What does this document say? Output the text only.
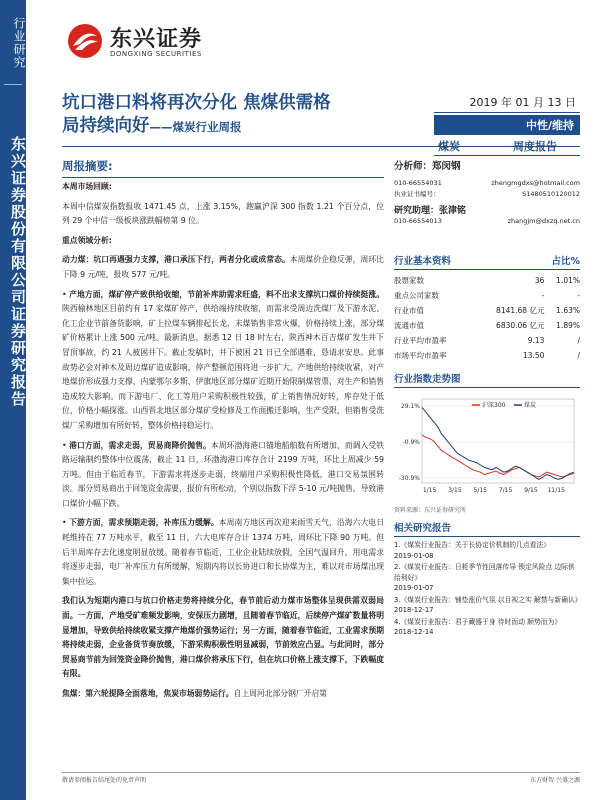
行业研究
东兴证券股份有限公司证券研究报告
东兴证券
DONGXING SECURITIES
坑口港口料将再次分化 焦煤供需格
局持续向好——煤炭行业周报
2019 年 01 月 13 日
中性/维持
煤炭	周度报告
周报摘要:

本周市场回顾:

本周中信煤炭指数报收 1471.45 点，上涨 3.15%，跑赢沪深 300 指数 1.21 个百分点，位列 29 个中信一级板块涨跌幅榜第 9 位。

重点领域分析:

动力煤：坑口再遇强力支撑，港口承压下行，两者分化或成常态。本周煤价企稳反弹，周环比下降 9 元/吨，报收 577 元/吨。

• 产地方面，煤矿停产致供给收缩，节前补库助需求旺盛，料不出求支撑坑口煤价持续挺涨。陕西榆林地区目前约有 17 家煤矿停产，供给端持续收缩，而需求受周边洗煤厂及下游水泥、化工企业节前备货影响，矿上拉煤车辆排起长龙，末煤销售非常火爆，价格持续上涨，部分煤矿价格累计上涨 500 元/吨。最新消息，据悉 12 日 18 时左右，陕西神木百吉煤矿发生井下冒顶事故，约 21 人被困井下。截止发稿时，井下被困 21 日已全部遇难，恳请求安息。此事故势必会对神木及周边煤矿造成影响，停产整顿范围将进一步扩大，产地供给持续收紧，对产地煤价形成强力支撑，内蒙鄂尔多斯、伊旗地区部分煤矿近期开始限制煤管票，对生产和销售造成较大影响。而下游电厂、化工等用户采购积极性较强，矿上销售情况好转，库存处于低位，价格小幅探涨。山西晋北地区部分煤矿受检修及工作面搬迁影响，生产受限，但销售受洗煤厂采购增加有所好转，整体价格持稳运行。

• 港口方面，需求走弱，贸易商降价抛售。本周环渤海港口锚地船舶数有所增加，而调入受铁路运输制约整体中位震荡，截止 11 日，环渤海港口库存合计 2199 万吨，环比上周减少 59 万吨。但由于临近春节，下游需求将逐步走弱，终端用户采购积极性降低，港口交易氛围转淡。部分贸易商出于回笼资金需要，报价有所松动，个别以指数下浮 5-10 元/吨抛售，导致港口煤价小幅下跌。

• 下游方面，需求预期走弱，补库压力缓解。本周南方地区再次迎来雨雪天气，沿海六大电日耗维持在 77 万吨水平，截至 11 日，六大电库存合计 1374 万吨，周环比下降 90 万吨。但后半周库存去化速度明显放缓。随着春节临近，工业企业陆续放假，全国气温回升，用电需求将逐步走弱，电厂补库压力有所缓解，短期内将以长协进口和长协煤为主，难以对市场煤出现集中拉运。

我们认为短期内港口与坑口价格走势将持续分化，春节前后动力煤市场整体呈现供需双弱局面。一方面，产地受矿难频发影响，安保压力剧增，且随着春节临近，后续停产煤矿数量将明显增加，导致供给持续收紧支撑产地煤价强势运行；另一方面，随着春节临近，工业需求预期将持续走弱，企业备货节奏放缓，下游采购积极性明显减弱，节前效应凸显。与此同时，部分贸易商节前为回笼资金降价抛售，港口煤价将承压下行，但在坑口价格上涨支撑下，下跌幅度有限。

焦煤：第六轮提降全面落地，焦炭市场弱势运行。自上周河北部分钢厂开启第

分析师：郑闵钢
010-66554031	zhengmgdxs@hotmail.com
执业证书编号：	S1480510120012
研究助理：张津铭
010-66554013	zhangjm@dxzq.net.cn
行业基本资料	占比%
股票家数	36	1.01%
重点公司家数	-	-
行业市值	8141.68 亿元	1.63%
流通市值	6830.06 亿元	1.89%
行业平均市盈率	9.13	/
市场平均市盈率	13.50	/
行业指数走势图
29.1%
-0.9%
-30.9%
1/15 3/15 5/15 7/15 9/15 11/15
沪深300	煤炭
资料来源：东兴证券研究所
相关研究报告
1.《煤炭行业报告：关于长协定价机制的几点看法》
2019-01-08
2.《煤炭行业报告：日耗季节性回落传导 锁定风险点 边际供给利好》
2019-01-07
3.《煤炭行业报告：铺垫涨价气氛 以目视之实 解禁与新确认》
2018-12-17
4.《煤炭行业报告：君子藏器于身 待时而动 顺势而为》
2018-12-14
敬请参阅报告结尾处的免责声明	东方财智 兴盛之源
